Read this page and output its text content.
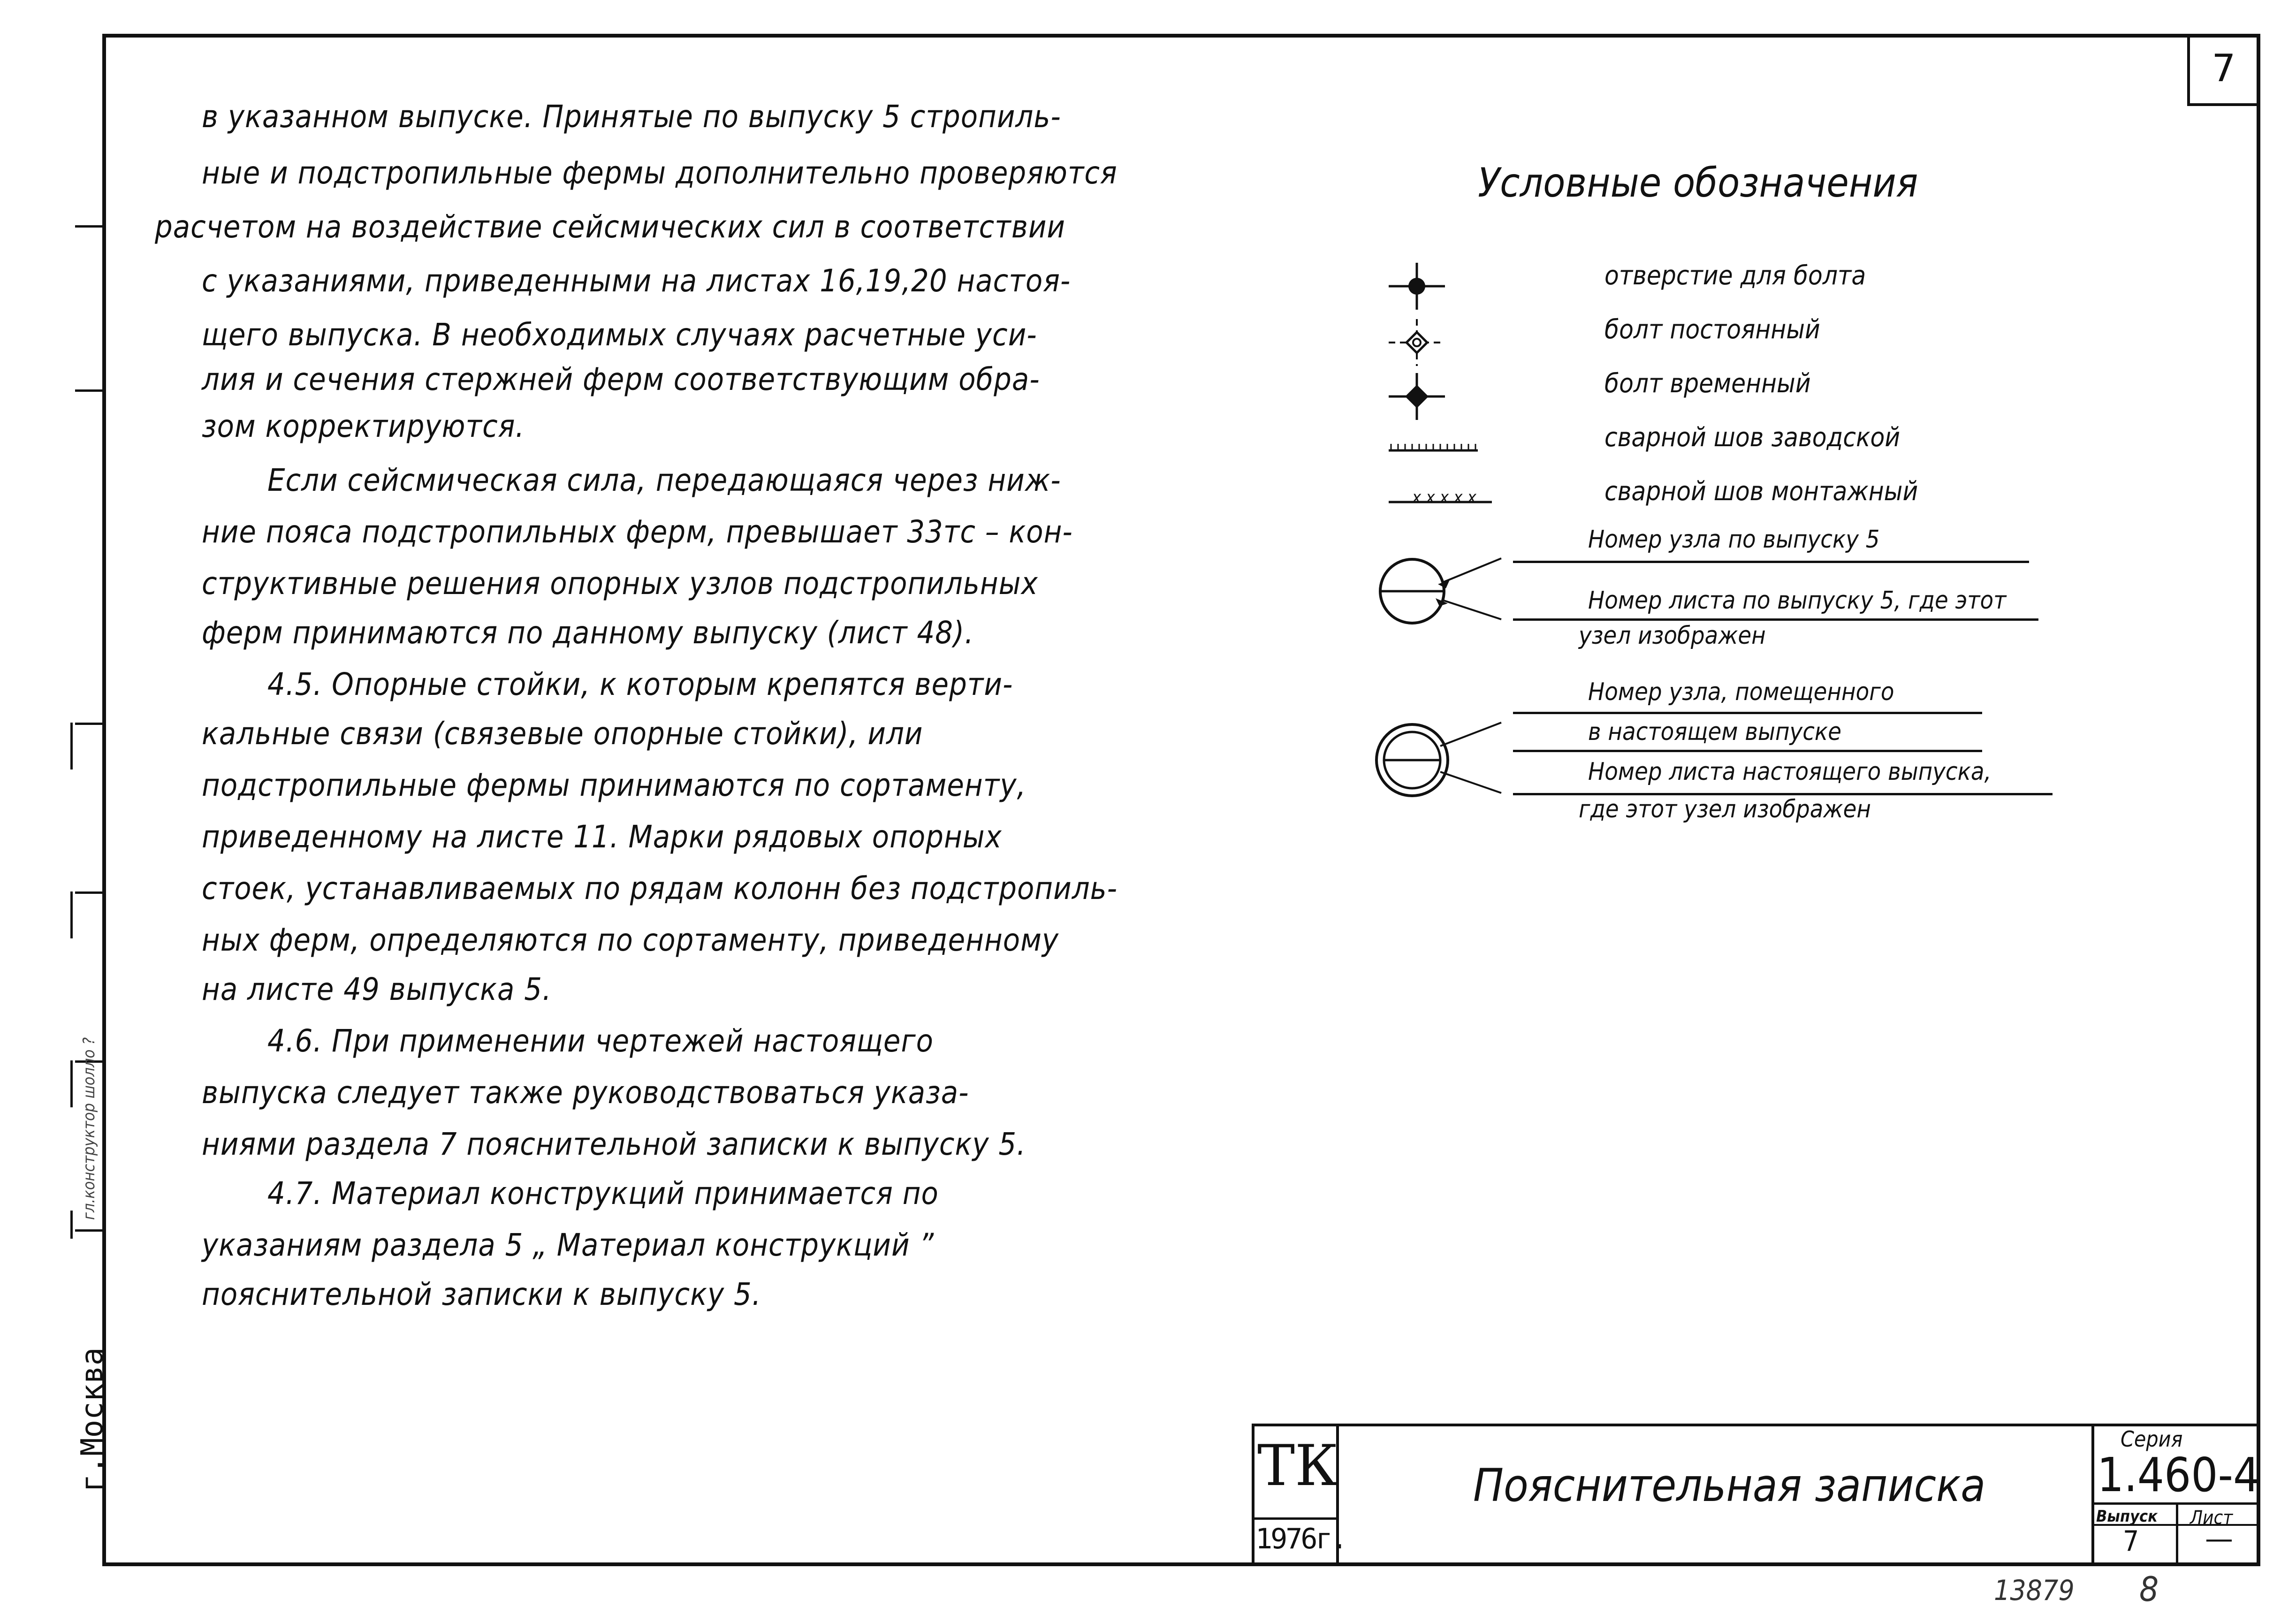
гл.конструктор шолло ?
г.Москва
7
в указанном выпуске. Принятые по выпуску 5 стропиль-
ные и подстропильные фермы дополнительно проверяются
расчетом на воздействие сейсмических сил в соответствии
с указаниями, приведенными на листах 16,19,20 настоя-
щего выпуска. В необходимых случаях расчетные уси-
лия и сечения стержней ферм соответствующим обра-
зом корректируются.
Если сейсмическая сила, передающаяся через ниж-
ние пояса подстропильных ферм, превышает 33тс – кон-
структивные решения опорных узлов подстропильных
ферм принимаются по данному выпуску (лист 48).
4.5. Опорные стойки, к которым крепятся верти-
кальные связи (связевые опорные стойки), или
подстропильные фермы принимаются по сортаменту,
приведенному на листе 11. Марки рядовых опорных
стоек, устанавливаемых по рядам колонн без подстропиль-
ных ферм, определяются по сортаменту, приведенному
на листе 49 выпуска 5.
4.6. При применении чертежей настоящего
выпуска следует также руководствоваться указа-
ниями раздела 7 пояснительной записки к выпуску 5.
4.7. Материал конструкций принимается по
указаниям раздела 5 „ Материал конструкций ”
пояснительной записки к выпуску 5.
Условные обозначения
x x x x x
отверстие для болта
болт постоянный
болт временный
сварной шов заводской
сварной шов монтажный
Номер узла по выпуску 5
Номер листа по выпуску 5, где этот
узел изображен
Номер узла, помещенного
в настоящем выпуске
Номер листа настоящего выпуска,
где этот узел изображен
ТК
1976г.
Пояснительная записка
Серия
1.460-4
Выпуск
7
Лист
—
13879 8
